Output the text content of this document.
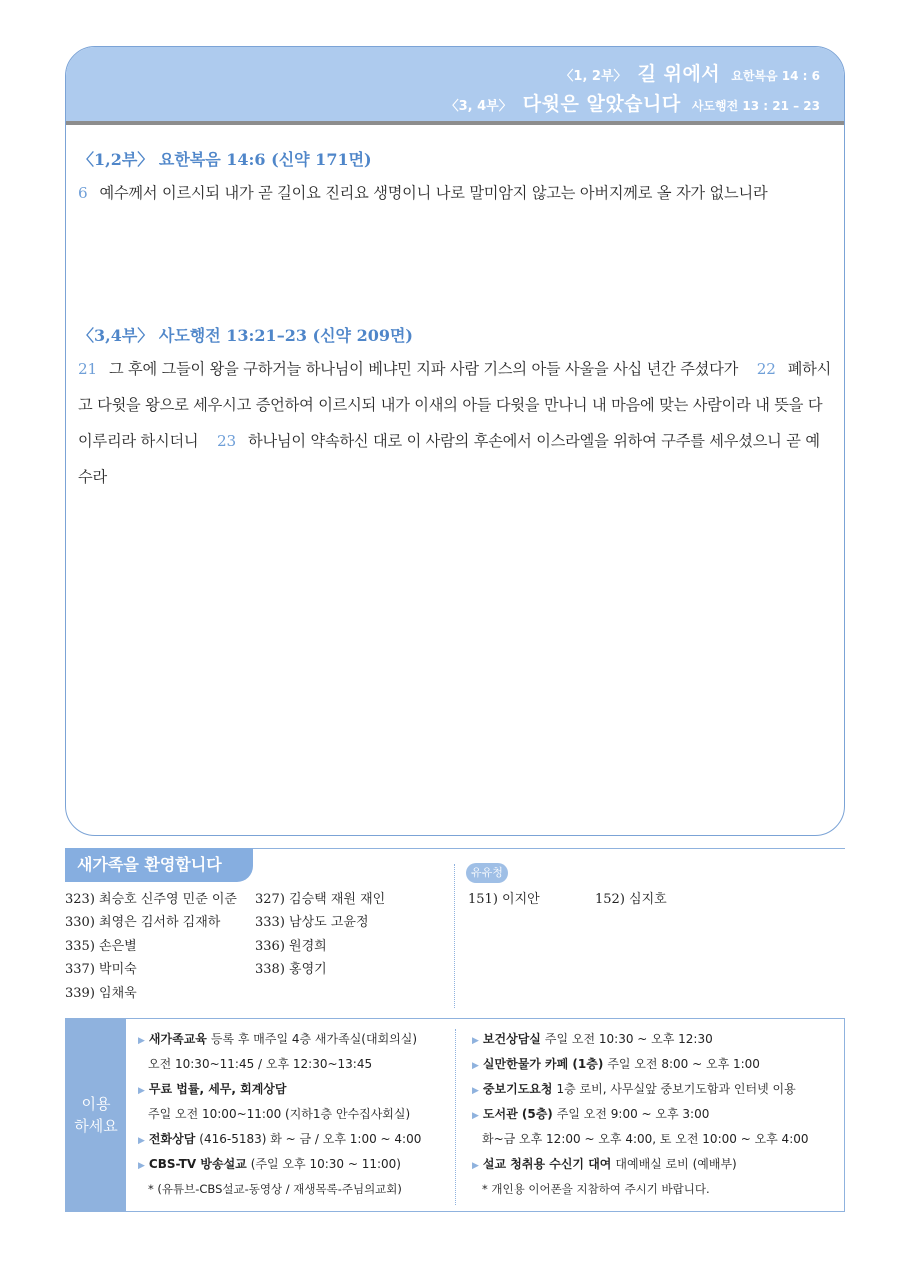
〈1, 2부〉 길 위에서 요한복음 14 : 6
〈3, 4부〉 다윗은 알았습니다 사도행전 13 : 21 – 23
〈1,2부〉 요한복음 14:6 (신약 171면)
6 예수께서 이르시되 내가 곧 길이요 진리요 생명이니 나로 말미암지 않고는 아버지께로 올 자가 없느니라
〈3,4부〉 사도행전 13:21–23 (신약 209면)
21 그 후에 그들이 왕을 구하거늘 하나님이 베냐민 지파 사람 기스의 아들 사울을 사십 년간 주셨다가 22 폐하시고 다윗을 왕으로 세우시고 증언하여 이르시되 내가 이새의 아들 다윗을 만나니 내 마음에 맞는 사람이라 내 뜻을 다 이루리라 하시더니 23 하나님이 약속하신 대로 이 사람의 후손에서 이스라엘을 위하여 구주를 세우셨으니 곧 예수라
새가족을 환영합니다
323) 최승호 신주영 민준 이준	327) 김승택 재원 재인
330) 최영은 김서하 김재하	333) 남상도 고윤정
335) 손은별	336) 원경희
337) 박미숙	338) 홍영기
339) 임채욱
유유청
151) 이지안	152) 심지호
이용
하세요
▶ 새가족교육 등록 후 매주일 4층 새가족실(대회의실)
오전 10:30~11:45 / 오후 12:30~13:45
▶ 무료 법률, 세무, 회계상담
주일 오전 10:00~11:00 (지하1층 안수집사회실)
▶ 전화상담 (416-5183) 화 ~ 금 / 오후 1:00 ~ 4:00
▶ CBS-TV 방송설교 (주일 오후 10:30 ~ 11:00)
* (유튜브-CBS설교-동영상 / 재생목록-주님의교회)
▶ 보건상담실 주일 오전 10:30 ~ 오후 12:30
▶ 실만한물가 카페 (1층) 주일 오전 8:00 ~ 오후 1:00
▶ 중보기도요청 1층 로비, 사무실앞 중보기도함과 인터넷 이용
▶ 도서관 (5층) 주일 오전 9:00 ~ 오후 3:00
화~금 오후 12:00 ~ 오후 4:00, 토 오전 10:00 ~ 오후 4:00
▶ 설교 청취용 수신기 대여 대예배실 로비 (예배부)
* 개인용 이어폰을 지참하여 주시기 바랍니다.
